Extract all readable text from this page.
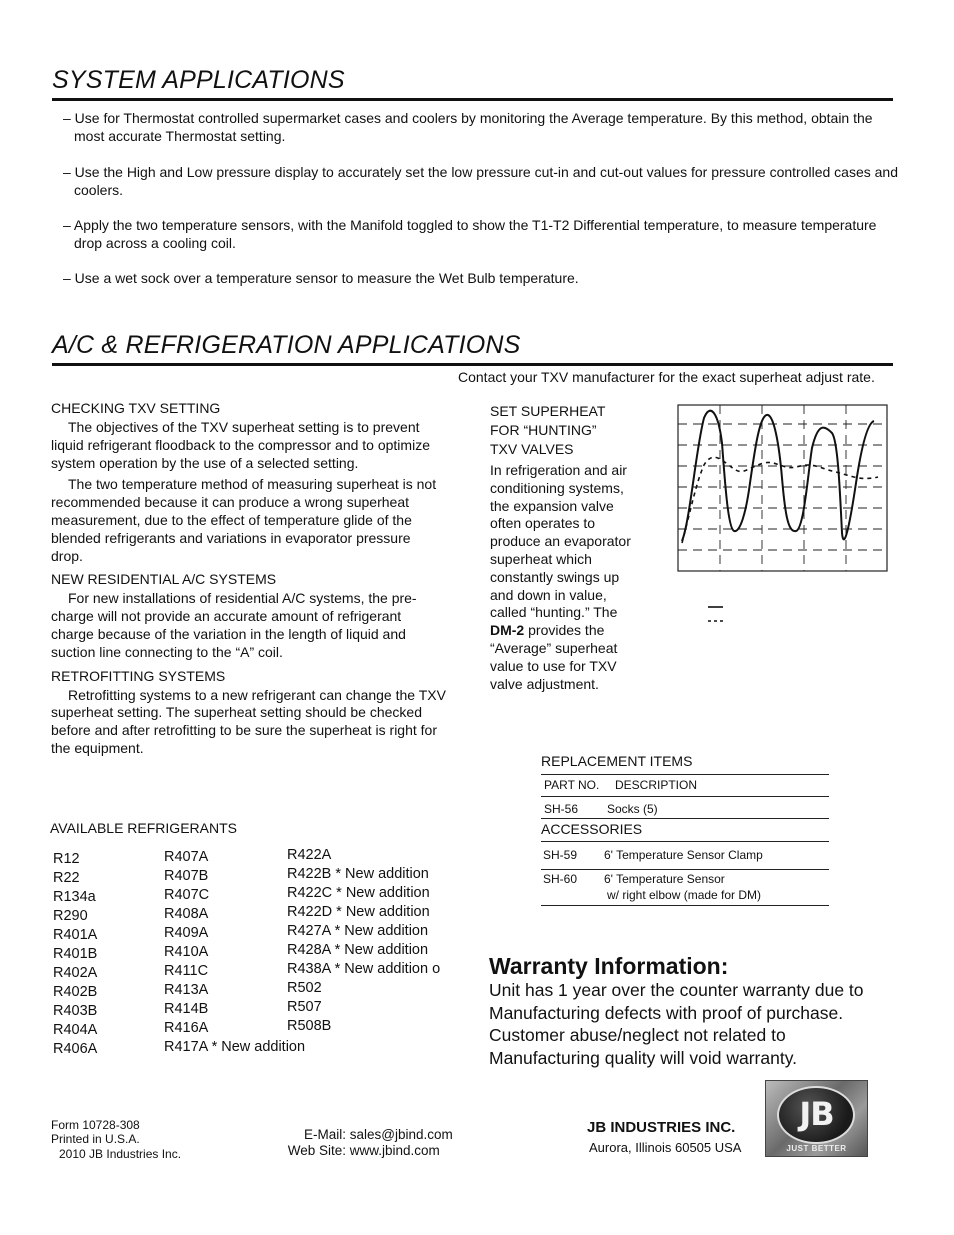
SYSTEM APPLICATIONS
– Use for Thermostat controlled supermarket cases and coolers by monitoring the Average temperature. By this method, obtain the most accurate Thermostat setting.
– Use the High and Low pressure display to accurately set the low pressure cut-in and cut-out values for pressure controlled cases and coolers.
– Apply the two temperature sensors, with the Manifold toggled to show the T1-T2 Differential temperature, to measure temperature drop across a cooling coil.
– Use a wet sock over a temperature sensor to measure the Wet Bulb temperature.
A/C & REFRIGERATION APPLICATIONS
Contact your TXV manufacturer for the exact superheat adjust rate.
CHECKING TXV SETTING

The objectives of the TXV superheat setting is to prevent liquid refrigerant floodback to the compressor and to optimize system operation by the use of a selected setting.

The two temperature method of measuring superheat is not recommended because it can produce a wrong superheat measurement, due to the effect of temperature glide of the blended refrigerants and variations in evaporator pressure drop.

NEW RESIDENTIAL A/C SYSTEMS

For new installations of residential A/C systems, the pre-charge will not provide an accurate amount of refrigerant charge because of the variation in the length of liquid and suction line connecting to the “A” coil.

RETROFITTING SYSTEMS

Retrofitting systems to a new refrigerant can change the TXV superheat setting. The superheat setting should be checked before and after retrofitting to be sure the superheat is right for the equipment.

SET SUPERHEAT
FOR “HUNTING”
TXV VALVES
In refrigeration and air conditioning systems, the expansion valve often operates to produce an evaporator superheat which constantly swings up and down in value, called “hunting.” The DM-2 provides the “Average” superheat value to use for TXV valve adjustment.
REPLACEMENT ITEMS
PART NO. DESCRIPTION
SH-56 Socks (5)
ACCESSORIES
SH-59 6' Temperature Sensor Clamp
SH-60 6' Temperature Sensor
w/ right elbow (made for DM)
AVAILABLE REFRIGERANTS
R12
R22
R134a
R290
R401A
R401B
R402A
R402B
R403B
R404A
R406A
R407A
R407B
R407C
R408A
R409A
R410A
R411C
R413A
R414B
R416A
R417A * New addition
R422A
R422B * New addition
R422C * New addition
R422D * New addition
R427A * New addition
R428A * New addition
R438A * New addition o
R502
R507
R508B
Warranty Information:
Unit has 1 year over the counter warranty due to Manufacturing defects with proof of purchase. Customer abuse/neglect not related to Manufacturing quality will void warranty.
Form 10728-308
Printed in U.S.A.
2010 JB Industries Inc.
E-Mail: sales@jbind.com
Web Site: www.jbind.com
JB INDUSTRIES INC.
Aurora, Illinois 60505 USA
JB
JUST BETTER
